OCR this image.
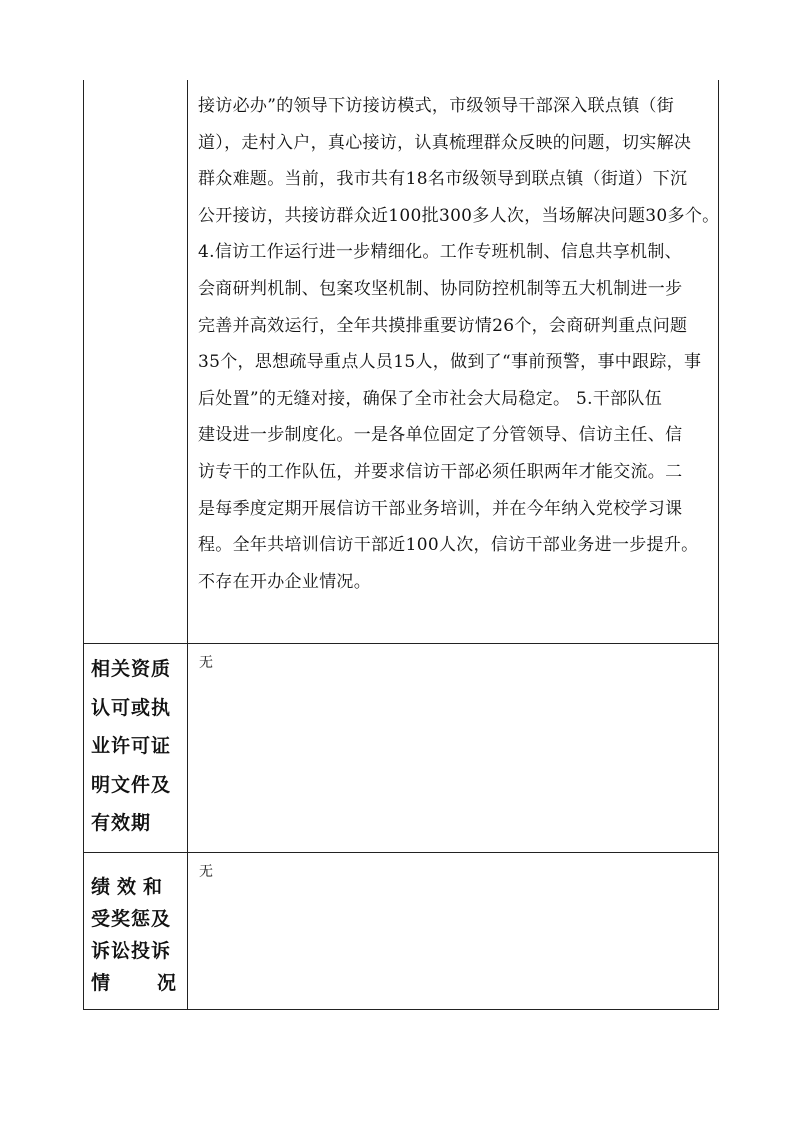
接访必办”的领导下访接访模式，市级领导干部深入联点镇（街
道），走村入户，真心接访，认真梳理群众反映的问题，切实解决
群众难题。当前，我市共有18名市级领导到联点镇（街道）下沉
公开接访，共接访群众近100批300多人次，当场解决问题30多个。
4.信访工作运行进一步精细化。工作专班机制、信息共享机制、
会商研判机制、包案攻坚机制、协同防控机制等五大机制进一步
完善并高效运行，全年共摸排重要访情26个，会商研判重点问题
35个，思想疏导重点人员15人，做到了“事前预警，事中跟踪，事
后处置”的无缝对接，确保了全市社会大局稳定。 5.干部队伍
建设进一步制度化。一是各单位固定了分管领导、信访主任、信
访专干的工作队伍，并要求信访干部必须任职两年才能交流。二
是每季度定期开展信访干部业务培训，并在今年纳入党校学习课
程。全年共培训信访干部近100人次，信访干部业务进一步提升。
不存在开办企业情况。

相关资质
认可或执
业许可证
明文件及
有效期
无
绩效和
受奖惩及
诉讼投诉
情 况
无
